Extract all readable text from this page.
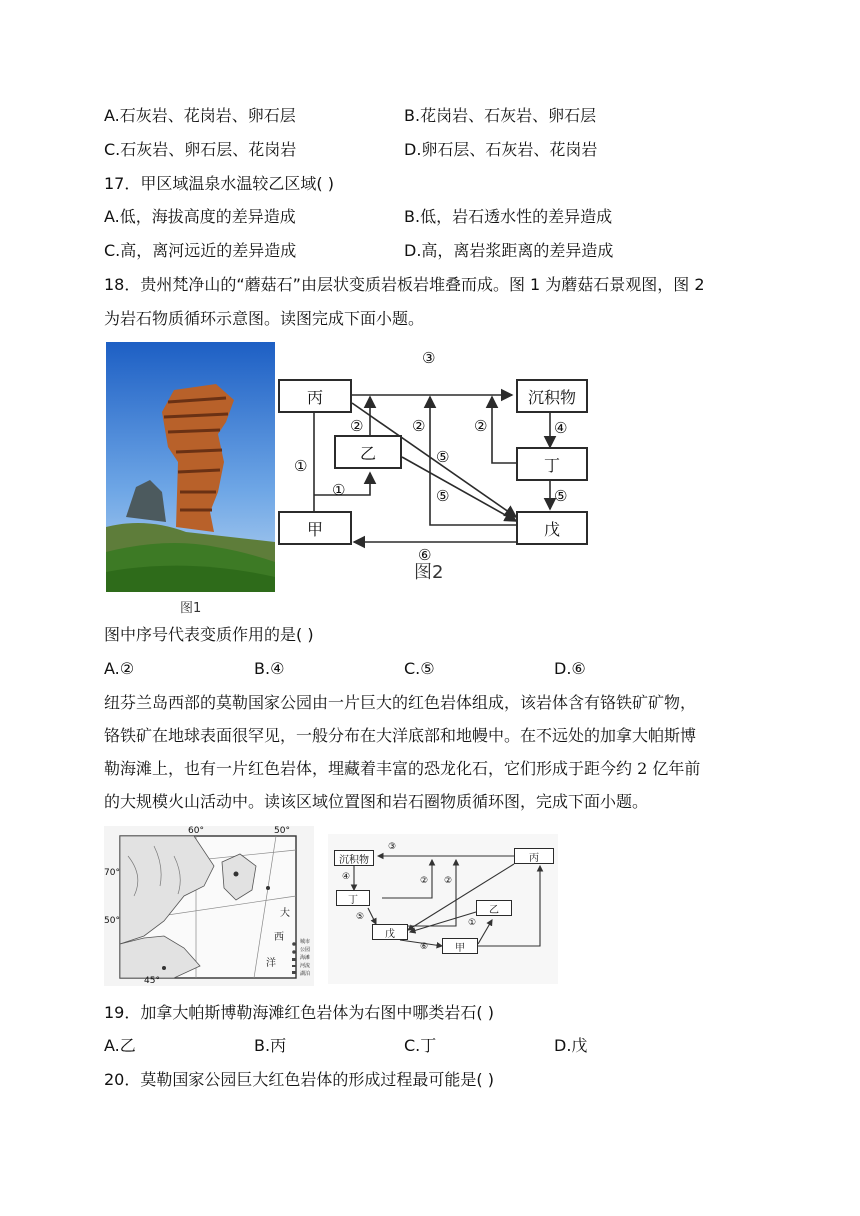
A.石灰岩、花岗岩、卵石层	B.花岗岩、石灰岩、卵石层
C.石灰岩、卵石层、花岗岩	D.卵石层、石灰岩、花岗岩
17．甲区域温泉水温较乙区域( )
A.低，海拔高度的差异造成	B.低，岩石透水性的差异造成
C.高，离河远近的差异造成	D.高，离岩浆距离的差异造成
18．贵州梵净山的“蘑菇石”由层状变质岩板岩堆叠而成。图 1 为蘑菇石景观图，图 2
为岩石物质循环示意图。读图完成下面小题。
图1
丙
乙
甲
沉积物
丁
戊
③
②	②	②	④
⑤
⑤
⑤
①
①
⑥
图2
图中序号代表变质作用的是( )
A.②	B.④	C.⑤	D.⑥
纽芬兰岛西部的莫勒国家公园由一片巨大的红色岩体组成，该岩体含有铬铁矿矿物，
铬铁矿在地球表面很罕见，一般分布在大洋底部和地幔中。在不远处的加拿大帕斯博
勒海滩上，也有一片红色岩体，埋藏着丰富的恐龙化石，它们形成于距今约 2 亿年前
的大规模火山活动中。读该区域位置图和岩石圈物质循环图，完成下面小题。
60°	50°
70°
50°
45°
大
西
洋
城市
公园
海滩
河流
湖泊
沉积物	丙
丁
乙
戊
甲
③
④	② ②
⑤
①
⑥
19．加拿大帕斯博勒海滩红色岩体为右图中哪类岩石( )
A.乙	B.丙	C.丁	D.戊
20．莫勒国家公园巨大红色岩体的形成过程最可能是( )
